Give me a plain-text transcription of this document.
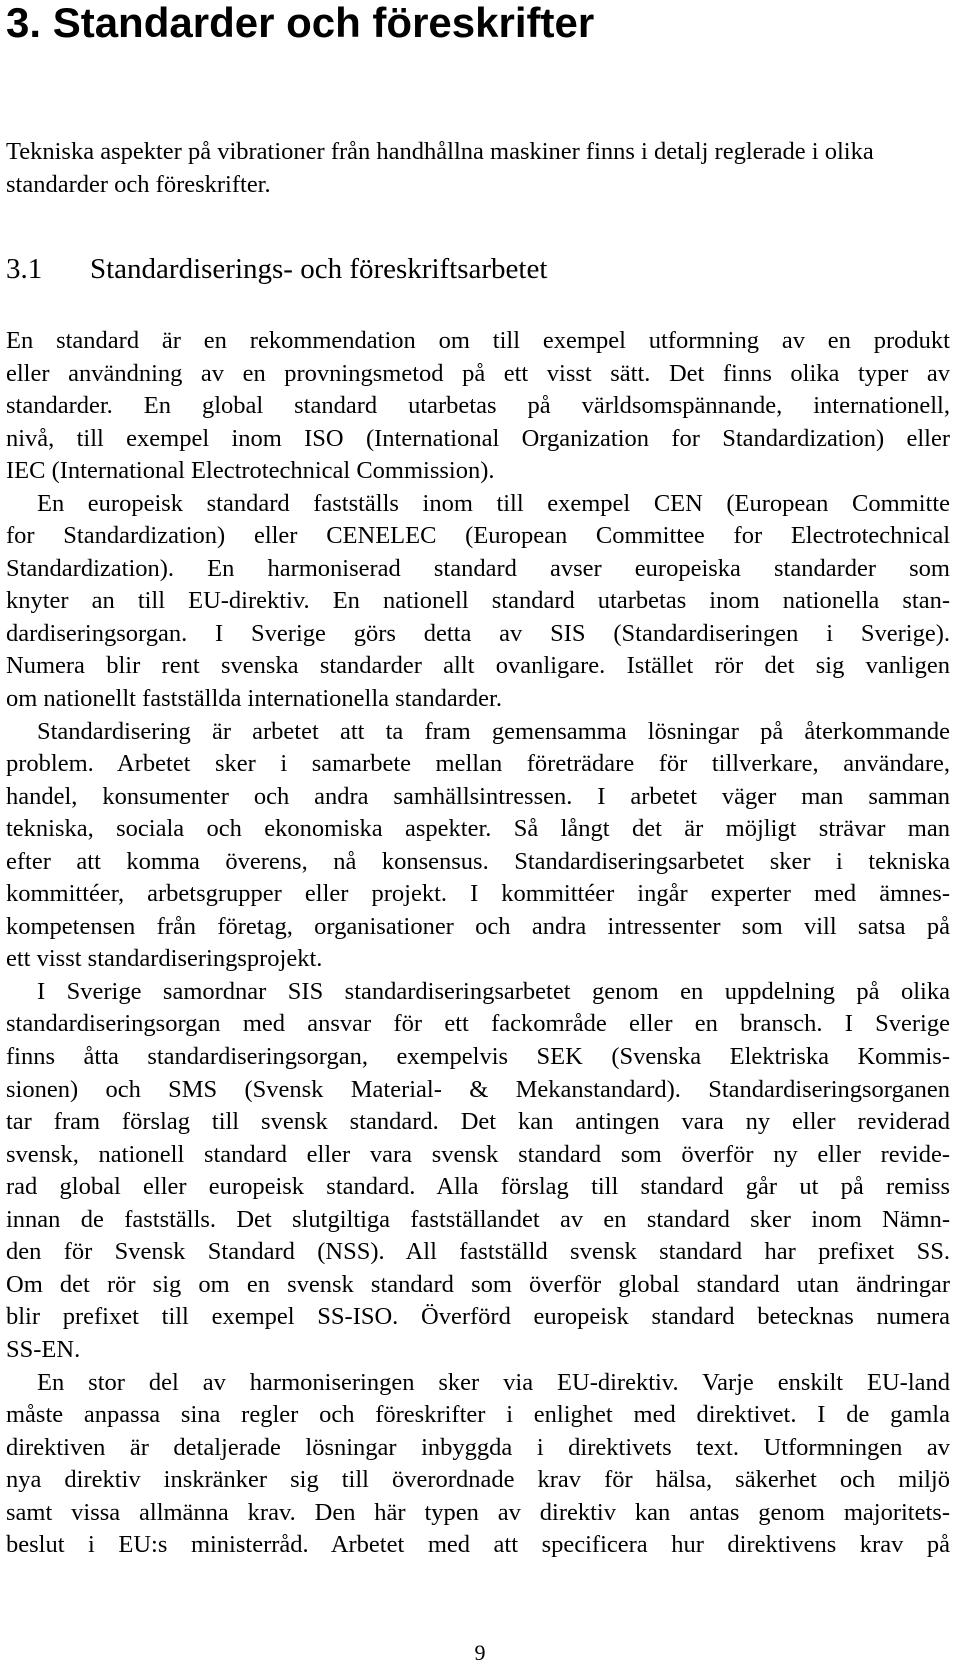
3. Standarder och föreskrifter

Tekniska aspekter på vibrationer från handhållna maskiner finns i detalj reglerade i olika standarder och föreskrifter.

3.1 Standardiserings- och föreskriftsarbetet
En standard är en rekommendation om till exempel utformning av en produkt
eller användning av en provningsmetod på ett visst sätt. Det finns olika typer av
standarder. En global standard utarbetas på världsomspännande, internationell,
nivå, till exempel inom ISO (International Organization for Standardization) eller
IEC (International Electrotechnical Commission).
En europeisk standard fastställs inom till exempel CEN (European Committe
for Standardization) eller CENELEC (European Committee for Electrotechnical
Standardization). En harmoniserad standard avser europeiska standarder som
knyter an till EU-direktiv. En nationell standard utarbetas inom nationella stan-
dardiseringsorgan. I Sverige görs detta av SIS (Standardiseringen i Sverige).
Numera blir rent svenska standarder allt ovanligare. Istället rör det sig vanligen
om nationellt fastställda internationella standarder.
Standardisering är arbetet att ta fram gemensamma lösningar på återkommande
problem. Arbetet sker i samarbete mellan företrädare för tillverkare, användare,
handel, konsumenter och andra samhällsintressen. I arbetet väger man samman
tekniska, sociala och ekonomiska aspekter. Så långt det är möjligt strävar man
efter att komma överens, nå konsensus. Standardiseringsarbetet sker i tekniska
kommittéer, arbetsgrupper eller projekt. I kommittéer ingår experter med ämnes-
kompetensen från företag, organisationer och andra intressenter som vill satsa på
ett visst standardiseringsprojekt.
I Sverige samordnar SIS standardiseringsarbetet genom en uppdelning på olika
standardiseringsorgan med ansvar för ett fackområde eller en bransch. I Sverige
finns åtta standardiseringsorgan, exempelvis SEK (Svenska Elektriska Kommis-
sionen) och SMS (Svensk Material- & Mekanstandard). Standardiseringsorganen
tar fram förslag till svensk standard. Det kan antingen vara ny eller reviderad
svensk, nationell standard eller vara svensk standard som överför ny eller revide-
rad global eller europeisk standard. Alla förslag till standard går ut på remiss
innan de fastställs. Det slutgiltiga fastställandet av en standard sker inom Nämn-
den för Svensk Standard (NSS). All fastställd svensk standard har prefixet SS.
Om det rör sig om en svensk standard som överför global standard utan ändringar
blir prefixet till exempel SS-ISO. Överförd europeisk standard betecknas numera
SS-EN.
En stor del av harmoniseringen sker via EU-direktiv. Varje enskilt EU-land
måste anpassa sina regler och föreskrifter i enlighet med direktivet. I de gamla
direktiven är detaljerade lösningar inbyggda i direktivets text. Utformningen av
nya direktiv inskränker sig till överordnade krav för hälsa, säkerhet och miljö
samt vissa allmänna krav. Den här typen av direktiv kan antas genom majoritets-
beslut i EU:s ministerråd. Arbetet med att specificera hur direktivens krav på
9
